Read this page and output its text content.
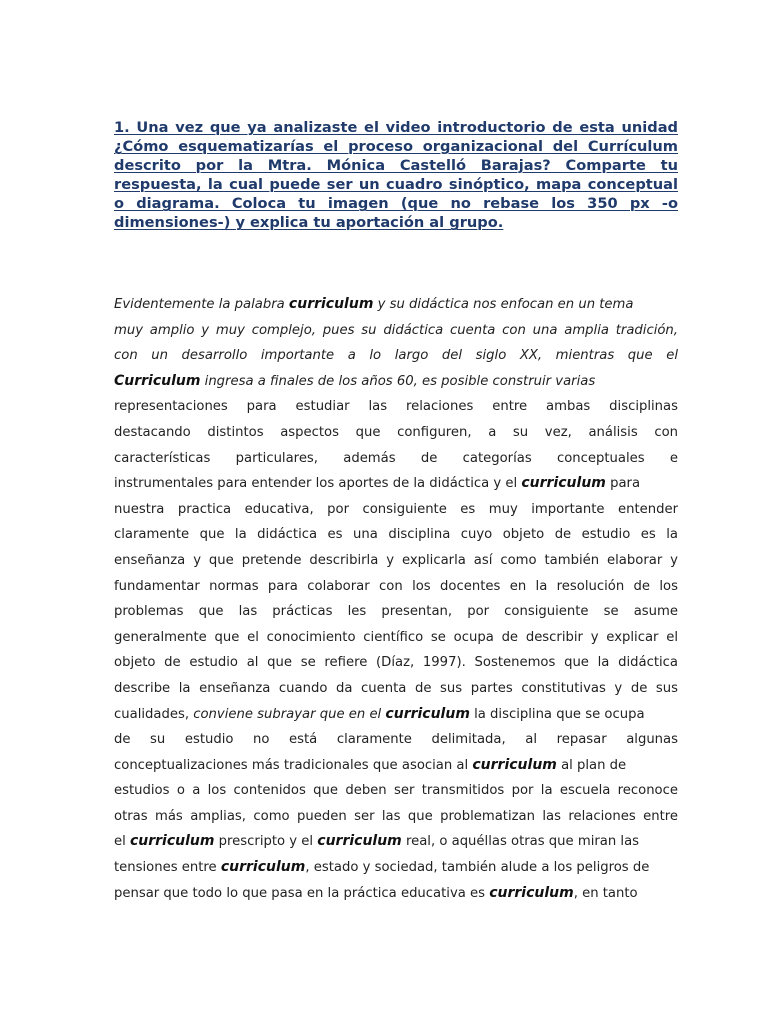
1. Una vez que ya analizaste el video introductorio de esta unidad
¿Cómo esquematizarías el proceso organizacional del Currículum
descrito por la Mtra. Mónica Castelló Barajas? Comparte tu
respuesta, la cual puede ser un cuadro sinóptico, mapa conceptual
o diagrama. Coloca tu imagen (que no rebase los 350 px -o
dimensiones-) y explica tu aportación al grupo.
Evidentemente la palabra curriculum y su didáctica nos enfocan en un tema
muy amplio y muy complejo, pues su didáctica cuenta con una amplia tradición,
con un desarrollo importante a lo largo del siglo XX, mientras que el
Curriculum ingresa a finales de los años 60, es posible construir varias
representaciones para estudiar las relaciones entre ambas disciplinas
destacando distintos aspectos que configuren, a su vez, análisis con
características particulares, además de categorías conceptuales e
instrumentales para entender los aportes de la didáctica y el curriculum para
nuestra practica educativa, por consiguiente es muy importante entender
claramente que la didáctica es una disciplina cuyo objeto de estudio es la
enseñanza y que pretende describirla y explicarla así como también elaborar y
fundamentar normas para colaborar con los docentes en la resolución de los
problemas que las prácticas les presentan, por consiguiente se asume
generalmente que el conocimiento científico se ocupa de describir y explicar el
objeto de estudio al que se refiere (Díaz, 1997). Sostenemos que la didáctica
describe la enseñanza cuando da cuenta de sus partes constitutivas y de sus
cualidades, conviene subrayar que en el curriculum la disciplina que se ocupa
de su estudio no está claramente delimitada, al repasar algunas
conceptualizaciones más tradicionales que asocian al curriculum al plan de
estudios o a los contenidos que deben ser transmitidos por la escuela reconoce
otras más amplias, como pueden ser las que problematizan las relaciones entre
el curriculum prescripto y el curriculum real, o aquéllas otras que miran las
tensiones entre curriculum, estado y sociedad, también alude a los peligros de
pensar que todo lo que pasa en la práctica educativa es curriculum, en tanto
